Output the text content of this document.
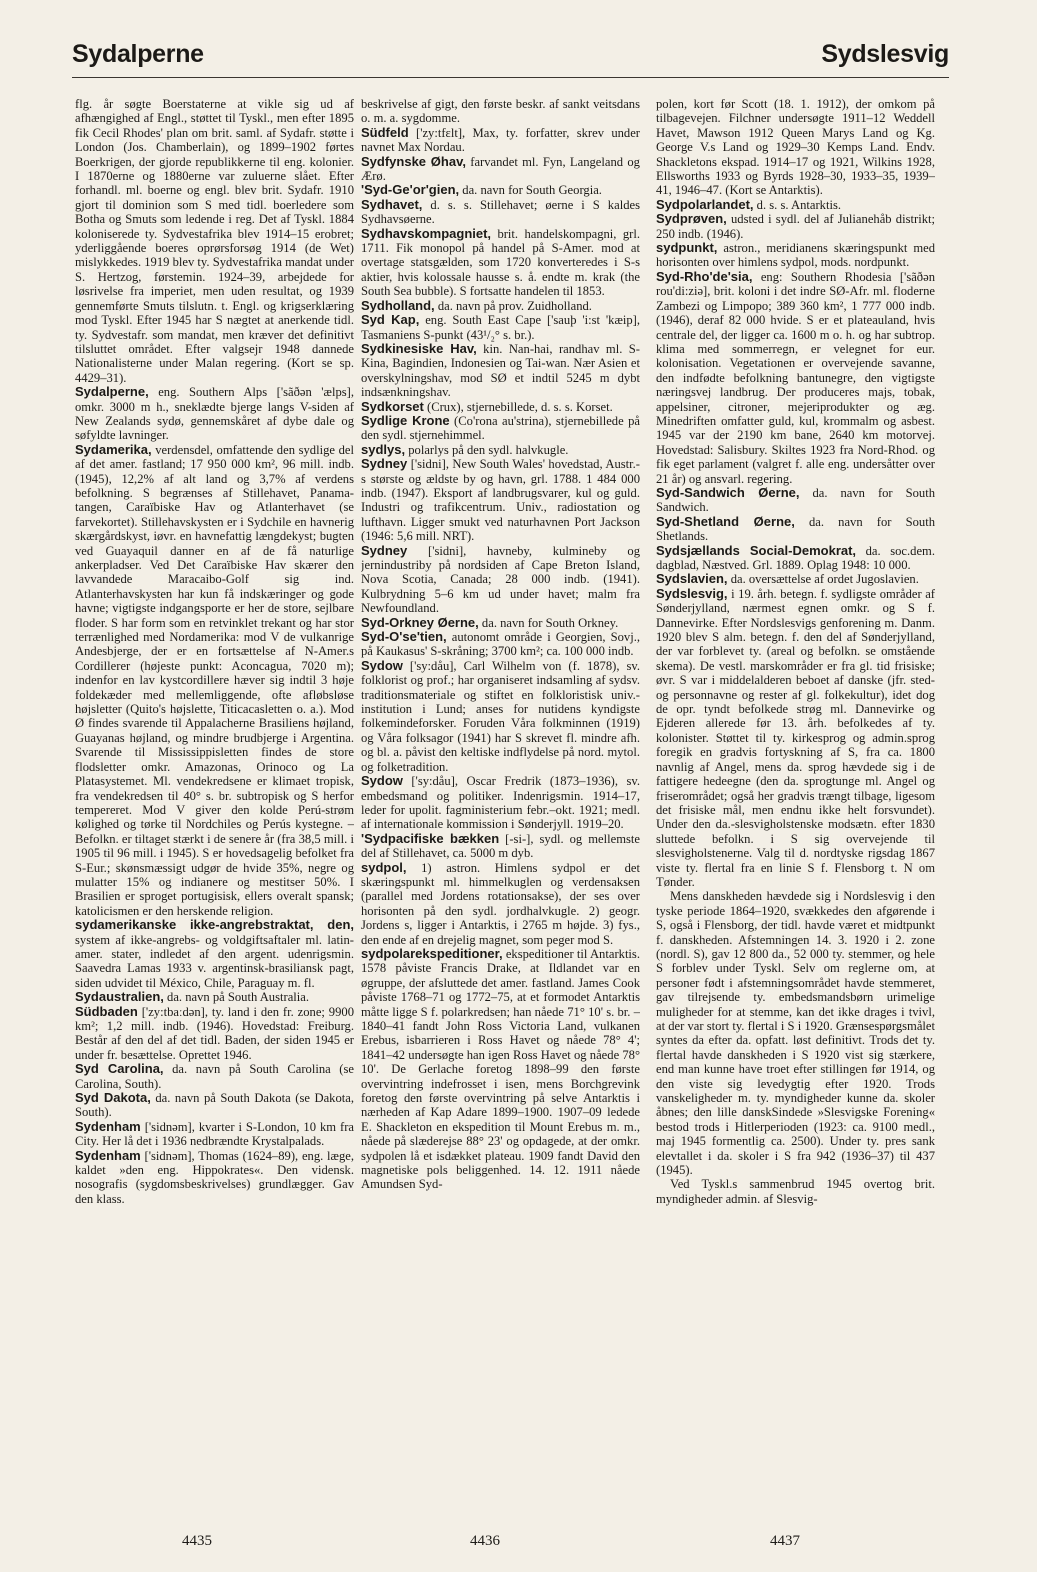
Sydalperne	Sydslesvig

flg. år søgte Boerstaterne at vikle sig ud af afhængighed af Engl., støttet til Tyskl., men efter 1895 fik Cecil Rhodes' plan om brit. saml. af Sydafr. støtte i London (Jos. Chamberlain), og 1899–1902 førtes Boerkrigen, der gjorde republikkerne til eng. kolonier. I 1870erne og 1880erne var zuluerne slået. Efter forhandl. ml. boerne og engl. blev brit. Sydafr. 1910 gjort til dominion som S med tidl. boerledere som Botha og Smuts som ledende i reg. Det af Tyskl. 1884 koloniserede ty. Sydvestafrika blev 1914–15 erobret; yderliggående boeres oprørsforsøg 1914 (de Wet) mislykkedes. 1919 blev ty. Sydvestafrika mandat under S. Hertzog, førstemin. 1924–39, arbejdede for løsrivelse fra imperiet, men uden resultat, og 1939 gennemførte Smuts tilslutn. t. Engl. og krigserklæring mod Tyskl. Efter 1945 har S nægtet at anerkende tidl. ty. Sydvestafr. som mandat, men kræver det definitivt tilsluttet området. Efter valgsejr 1948 dannede Nationalisterne under Malan regering. (Kort se sp. 4429–31).

Sydalperne, eng. Southern Alps ['sãðən 'ælps], omkr. 3000 m h., sneklædte bjerge langs V-siden af New Zealands sydø, gennemskåret af dybe dale og søfyldte lavninger.

Sydamerika, verdensdel, omfattende den sydlige del af det amer. fastland; 17 950 000 km², 96 mill. indb. (1945), 12,2% af alt land og 3,7% af verdens befolkning. S begrænses af Stillehavet, Panama-tangen, Caraïbiske Hav og Atlanterhavet (se farvekortet). Stillehavskysten er i Sydchile en havnerig skærgårdskyst, iøvr. en havnefattig længdekyst; bugten ved Guayaquil danner en af de få naturlige ankerpladser. Ved Det Caraïbiske Hav skærer den lavvandede Maracaibo-Golf sig ind. Atlanterhavskysten har kun få indskæringer og gode havne; vigtigste indgangsporte er her de store, sejlbare floder. S har form som en retvinklet trekant og har stor terrænlighed med Nordamerika: mod V de vulkanrige Andesbjerge, der er en fortsættelse af N-Amer.s Cordillerer (højeste punkt: Aconcagua, 7020 m); indenfor en lav kystcordillere hæver sig indtil 3 høje foldekæder med mellemliggende, ofte afløbsløse højsletter (Quito's højslette, Titicacasletten o. a.). Mod Ø findes svarende til Appalacherne Brasiliens højland, Guayanas højland, og mindre brudbjerge i Argentina. Svarende til Mississippisletten findes de store flodsletter omkr. Amazonas, Orinoco og La Platasystemet. Ml. vendekredsene er klimaet tropisk, fra vendekredsen til 40° s. br. subtropisk og S herfor tempereret. Mod V giver den kolde Perú-strøm kølighed og tørke til Nordchiles og Perús kystegne. – Befolkn. er tiltaget stærkt i de senere år (fra 38,5 mill. i 1905 til 96 mill. i 1945). S er hovedsagelig befolket fra S-Eur.; skønsmæssigt udgør de hvide 35%, negre og mulatter 15% og indianere og mestitser 50%. I Brasilien er sproget portugisisk, ellers overalt spansk; katolicismen er den herskende religion.

sydamerikanske ikke-angrebstraktat, den, system af ikke-angrebs- og voldgiftsaftaler ml. latin-amer. stater, indledet af den argent. udenrigsmin. Saavedra Lamas 1933 v. argentinsk-brasiliansk pagt, siden udvidet til México, Chile, Paraguay m. fl.

Sydaustralien, da. navn på South Australia.

Südbaden ['zy:tbaːdən], ty. land i den fr. zone; 9900 km²; 1,2 mill. indb. (1946). Hovedstad: Freiburg. Består af den del af det tidl. Baden, der siden 1945 er under fr. besættelse. Oprettet 1946.

Syd Carolina, da. navn på South Carolina (se Carolina, South).

Syd Dakota, da. navn på South Dakota (se Dakota, South).

Sydenham ['sidnəm], kvarter i S-London, 10 km fra City. Her lå det i 1936 nedbrændte Krystalpalads.

Sydenham ['sidnəm], Thomas (1624–89), eng. læge, kaldet »den eng. Hippokrates«. Den vidensk. nosografis (sygdomsbeskrivelses) grundlægger. Gav den klass.

beskrivelse af gigt, den første beskr. af sankt veitsdans o. m. a. sygdomme.

Südfeld ['zy:tfɛlt], Max, ty. forfatter, skrev under navnet Max Nordau.

Sydfynske Øhav, farvandet ml. Fyn, Langeland og Ærø.

'Syd-Ge'or'gien, da. navn for South Georgia.

Sydhavet, d. s. s. Stillehavet; øerne i S kaldes Sydhavsøerne.

Sydhavskompagniet, brit. handelskompagni, grl. 1711. Fik monopol på handel på S-Amer. mod at overtage statsgælden, som 1720 konverteredes i S-s aktier, hvis kolossale hausse s. å. endte m. krak (the South Sea bubble). S fortsatte handelen til 1853.

Sydholland, da. navn på prov. Zuidholland.

Syd Kap, eng. South East Cape ['sauþ 'i:st 'kæip], Tasmaniens S-punkt (43¹/₂° s. br.).

Sydkinesiske Hav, kin. Nan-hai, randhav ml. S-Kina, Bagindien, Indonesien og Tai-wan. Nær Asien et overskylningshav, mod SØ et indtil 5245 m dybt indsænkningshav.

Sydkorset (Crux), stjernebillede, d. s. s. Korset.

Sydlige Krone (Co'rona au'strina), stjernebillede på den sydl. stjernehimmel.

sydlys, polarlys på den sydl. halvkugle.

Sydney ['sidni], New South Wales' hovedstad, Austr.-s største og ældste by og havn, grl. 1788. 1 484 000 indb. (1947). Eksport af landbrugsvarer, kul og guld. Industri og trafikcentrum. Univ., radiostation og lufthavn. Ligger smukt ved naturhavnen Port Jackson (1946: 5,6 mill. NRT).

Sydney ['sidni], havneby, kulmineby og jernindustriby på nordsiden af Cape Breton Island, Nova Scotia, Canada; 28 000 indb. (1941). Kulbrydning 5–6 km ud under havet; malm fra Newfoundland.

Syd-Orkney Øerne, da. navn for South Orkney.

Syd-O'se'tien, autonomt område i Georgien, Sovj., på Kaukasus' S-skråning; 3700 km²; ca. 100 000 indb.

Sydow ['sy:dåu], Carl Wilhelm von (f. 1878), sv. folklorist og prof.; har organiseret indsamling af sydsv. traditionsmateriale og stiftet en folkloristisk univ.-institution i Lund; anses for nutidens kyndigste folkemindeforsker. Foruden Våra folkminnen (1919) og Våra folksagor (1941) har S skrevet fl. mindre afh. og bl. a. påvist den keltiske indflydelse på nord. mytol. og folketradition.

Sydow ['sy:dåu], Oscar Fredrik (1873–1936), sv. embedsmand og politiker. Indenrigsmin. 1914–17, leder for upolit. fagministerium febr.–okt. 1921; medl. af internationale kommission i Sønderjyll. 1919–20.

'Sydpacifiske bækken [-si-], sydl. og mellemste del af Stillehavet, ca. 5000 m dyb.

sydpol, 1) astron. Himlens sydpol er det skæringspunkt ml. himmelkuglen og verdensaksen (parallel med Jordens rotationsakse), der ses over horisonten på den sydl. jordhalvkugle. 2) geogr. Jordens s, ligger i Antarktis, i 2765 m højde. 3) fys., den ende af en drejelig magnet, som peger mod S.

sydpolarekspeditioner, ekspeditioner til Antarktis. 1578 påviste Francis Drake, at Ildlandet var en øgruppe, der afsluttede det amer. fastland. James Cook påviste 1768–71 og 1772–75, at et formodet Antarktis måtte ligge S f. polarkredsen; han nåede 71° 10' s. br. – 1840–41 fandt John Ross Victoria Land, vulkanen Erebus, isbarrieren i Ross Havet og nåede 78° 4'; 1841–42 undersøgte han igen Ross Havet og nåede 78° 10'. De Gerlache foretog 1898–99 den første overvintring indefrosset i isen, mens Borchgrevink foretog den første overvintring på selve Antarktis i nærheden af Kap Adare 1899–1900. 1907–09 ledede E. Shackleton en ekspedition til Mount Erebus m. m., nåede på slæderejse 88° 23' og opdagede, at der omkr. sydpolen lå et isdækket plateau. 1909 fandt David den magnetiske pols beliggenhed. 14. 12. 1911 nåede Amundsen Syd-

polen, kort før Scott (18. 1. 1912), der omkom på tilbagevejen. Filchner undersøgte 1911–12 Weddell Havet, Mawson 1912 Queen Marys Land og Kg. George V.s Land og 1929–30 Kemps Land. Endv. Shackletons ekspad. 1914–17 og 1921, Wilkins 1928, Ellsworths 1933 og Byrds 1928–30, 1933–35, 1939–41, 1946–47. (Kort se Antarktis).

Sydpolarlandet, d. s. s. Antarktis.

Sydprøven, udsted i sydl. del af Julianehåb distrikt; 250 indb. (1946).

sydpunkt, astron., meridianens skæringspunkt med horisonten over himlens sydpol, mods. nordpunkt.

Syd-Rho'de'sia, eng: Southern Rhodesia ['sãðən rou'di:ziə], brit. koloni i det indre SØ-Afr. ml. floderne Zambezi og Limpopo; 389 360 km², 1 777 000 indb. (1946), deraf 82 000 hvide. S er et plateauland, hvis centrale del, der ligger ca. 1600 m o. h. og har subtrop. klima med sommerregn, er velegnet for eur. kolonisation. Vegetationen er overvejende savanne, den indfødte befolkning bantunegre, den vigtigste næringsvej landbrug. Der produceres majs, tobak, appelsiner, citroner, mejeriprodukter og æg. Minedriften omfatter guld, kul, krommalm og asbest. 1945 var der 2190 km bane, 2640 km motorvej. Hovedstad: Salisbury. Skiltes 1923 fra Nord-Rhod. og fik eget parlament (valgret f. alle eng. undersåtter over 21 år) og ansvarl. regering.

Syd-Sandwich Øerne, da. navn for South Sandwich.

Syd-Shetland Øerne, da. navn for South Shetlands.

Sydsjællands Social-Demokrat, da. soc.dem. dagblad, Næstved. Grl. 1889. Oplag 1948: 10 000.

Sydslavien, da. oversættelse af ordet Jugoslavien.

Sydslesvig, i 19. årh. betegn. f. sydligste områder af Sønderjylland, nærmest egnen omkr. og S f. Dannevirke. Efter Nordslesvigs genforening m. Danm. 1920 blev S alm. betegn. f. den del af Sønderjylland, der var forblevet ty. (areal og befolkn. se omstående skema). De vestl. marskområder er fra gl. tid frisiske; øvr. S var i middelalderen beboet af danske (jfr. sted- og personnavne og rester af gl. folkekultur), idet dog de opr. tyndt befolkede strøg ml. Dannevirke og Ejderen allerede før 13. årh. befolkedes af ty. kolonister. Støttet til ty. kirkesprog og admin.sprog foregik en gradvis fortyskning af S, fra ca. 1800 navnlig af Angel, mens da. sprog hævdede sig i de fattigere hedeegne (den da. sprogtunge ml. Angel og friserområdet; også her gradvis trængt tilbage, ligesom det frisiske mål, men endnu ikke helt forsvundet). Under den da.-slesvigholstenske modsætn. efter 1830 sluttede befolkn. i S sig overvejende til slesvigholstenerne. Valg til d. nordtyske rigsdag 1867 viste ty. flertal fra en linie S f. Flensborg t. N om Tønder.

Mens danskheden hævdede sig i Nordslesvig i den tyske periode 1864–1920, svækkedes den afgørende i S, også i Flensborg, der tidl. havde været et midtpunkt f. danskheden. Afstemningen 14. 3. 1920 i 2. zone (nordl. S), gav 12 800 da., 52 000 ty. stemmer, og hele S forblev under Tyskl. Selv om reglerne om, at personer født i afstemningsområdet havde stemmeret, gav tilrejsende ty. embedsmandsbørn urimelige muligheder for at stemme, kan det ikke drages i tvivl, at der var stort ty. flertal i S i 1920. Grænsespørgsmålet syntes da efter da. opfatt. løst definitivt. Trods det ty. flertal havde danskheden i S 1920 vist sig stærkere, end man kunne have troet efter stillingen før 1914, og den viste sig levedygtig efter 1920. Trods vanskeligheder m. ty. myndigheder kunne da. skoler åbnes; den lille danskSindede »Slesvigske Forening« bestod trods i Hitlerperioden (1923: ca. 9100 medl., maj 1945 formentlig ca. 2500). Under ty. pres sank elevtallet i da. skoler i S fra 942 (1936–37) til 437 (1945).

Ved Tyskl.s sammenbrud 1945 overtog brit. myndigheder admin. af Slesvig-

4435	4436	4437
